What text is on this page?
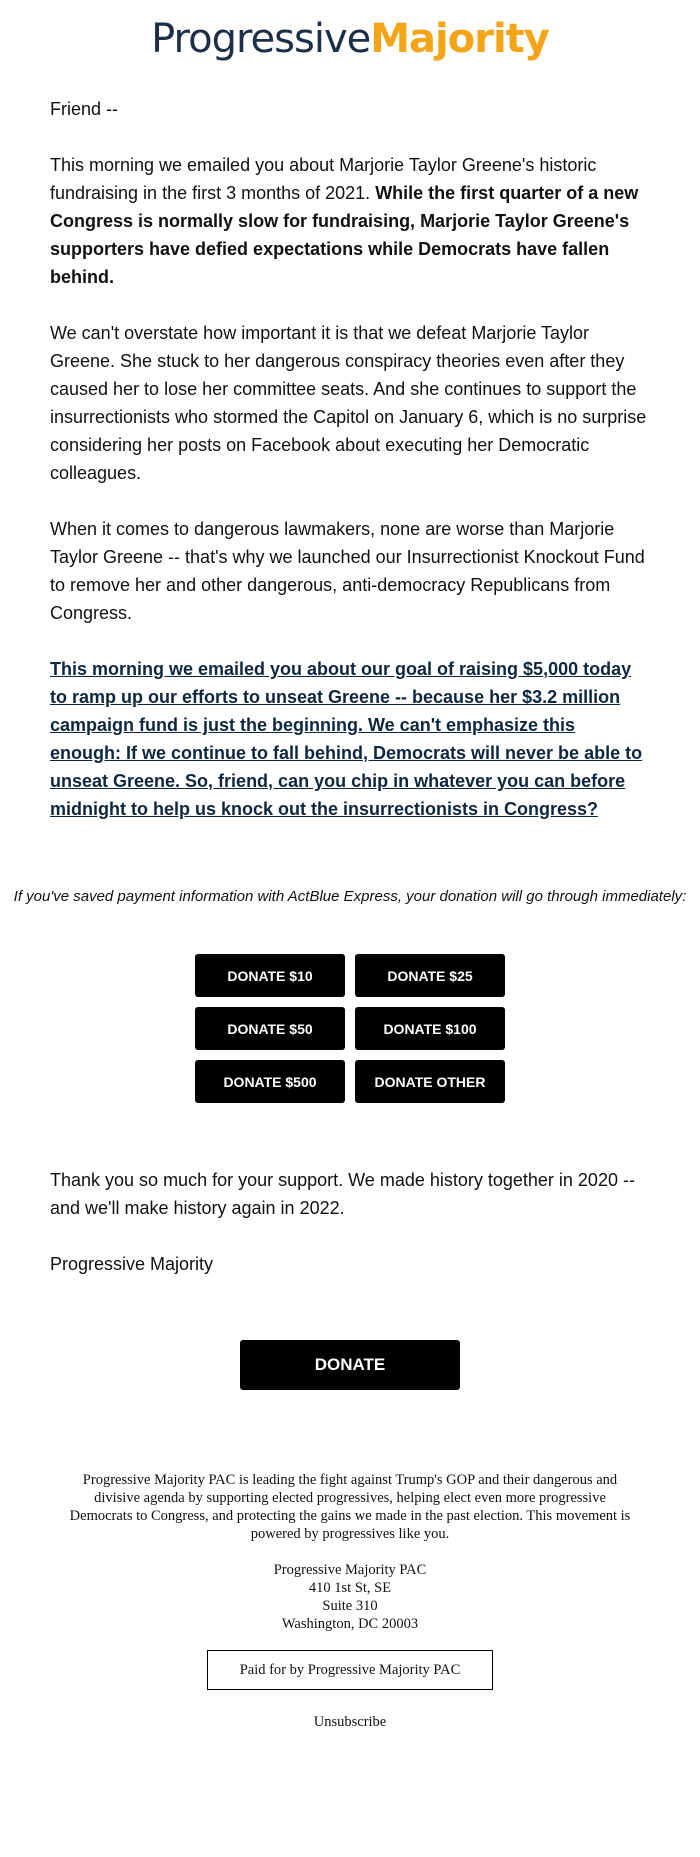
ProgressiveMajority

Friend --

This morning we emailed you about Marjorie Taylor Greene's historic fundraising in the first 3 months of 2021. While the first quarter of a new Congress is normally slow for fundraising, Marjorie Taylor Greene's supporters have defied expectations while Democrats have fallen behind.

We can't overstate how important it is that we defeat Marjorie Taylor Greene. She stuck to her dangerous conspiracy theories even after they caused her to lose her committee seats. And she continues to support the insurrectionists who stormed the Capitol on January 6, which is no surprise considering her posts on Facebook about executing her Democratic colleagues.

When it comes to dangerous lawmakers, none are worse than Marjorie Taylor Greene -- that's why we launched our Insurrectionist Knockout Fund to remove her and other dangerous, anti-democracy Republicans from Congress.

This morning we emailed you about our goal of raising $5,000 today to ramp up our efforts to unseat Greene -- because her $3.2 million campaign fund is just the beginning. We can't emphasize this enough: If we continue to fall behind, Democrats will never be able to unseat Greene. So, friend, can you chip in whatever you can before midnight to help us knock out the insurrectionists in Congress?

If you've saved payment information with ActBlue Express, your donation will go through immediately:
DONATE $10	DONATE $25
DONATE $50	DONATE $100
DONATE $500	DONATE OTHER

Thank you so much for your support. We made history together in 2020 -- and we'll make history again in 2022.

Progressive Majority

DONATE
Progressive Majority PAC is leading the fight against Trump's GOP and their dangerous and divisive agenda by supporting elected progressives, helping elect even more progressive Democrats to Congress, and protecting the gains we made in the past election. This movement is powered by progressives like you.
Progressive Majority PAC
410 1st St, SE
Suite 310
Washington, DC 20003
Paid for by Progressive Majority PAC
Unsubscribe
